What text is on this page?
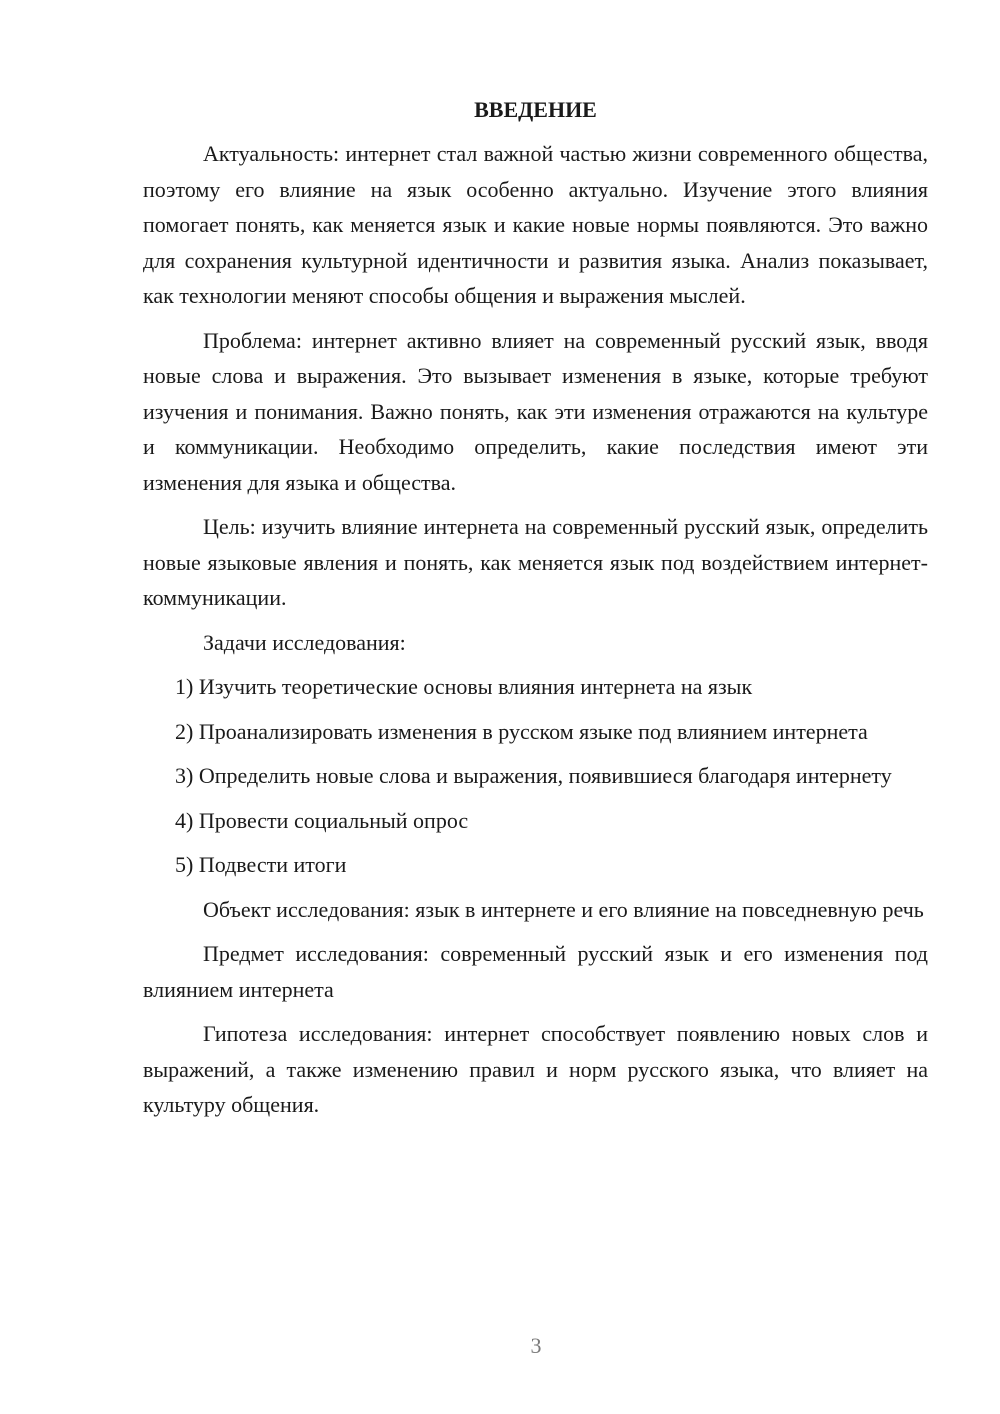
ВВЕДЕНИЕ

Актуальность: интернет стал важной частью жизни современного общества, поэтому его влияние на язык особенно актуально. Изучение этого влияния помогает понять, как меняется язык и какие новые нормы появляются. Это важно для сохранения культурной идентичности и развития языка. Анализ показывает, как технологии меняют способы общения и выражения мыслей.

Проблема: интернет активно влияет на современный русский язык, вводя новые слова и выражения. Это вызывает изменения в языке, которые требуют изучения и понимания. Важно понять, как эти изменения отражаются на культуре и коммуникации. Необходимо определить, какие последствия имеют эти изменения для языка и общества.

Цель: изучить влияние интернета на современный русский язык, определить новые языковые явления и понять, как меняется язык под воздействием интернет-коммуникации.

Задачи исследования:

1) Изучить теоретические основы влияния интернета на язык

2) Проанализировать изменения в русском языке под влиянием интернета

3) Определить новые слова и выражения, появившиеся благодаря интернету

4) Провести социальный опрос

5) Подвести итоги

Объект исследования: язык в интернете и его влияние на повседневную речь

Предмет исследования: современный русский язык и его изменения под влиянием интернета

Гипотеза исследования: интернет способствует появлению новых слов и выражений, а также изменению правил и норм русского языка, что влияет на культуру общения.

3
